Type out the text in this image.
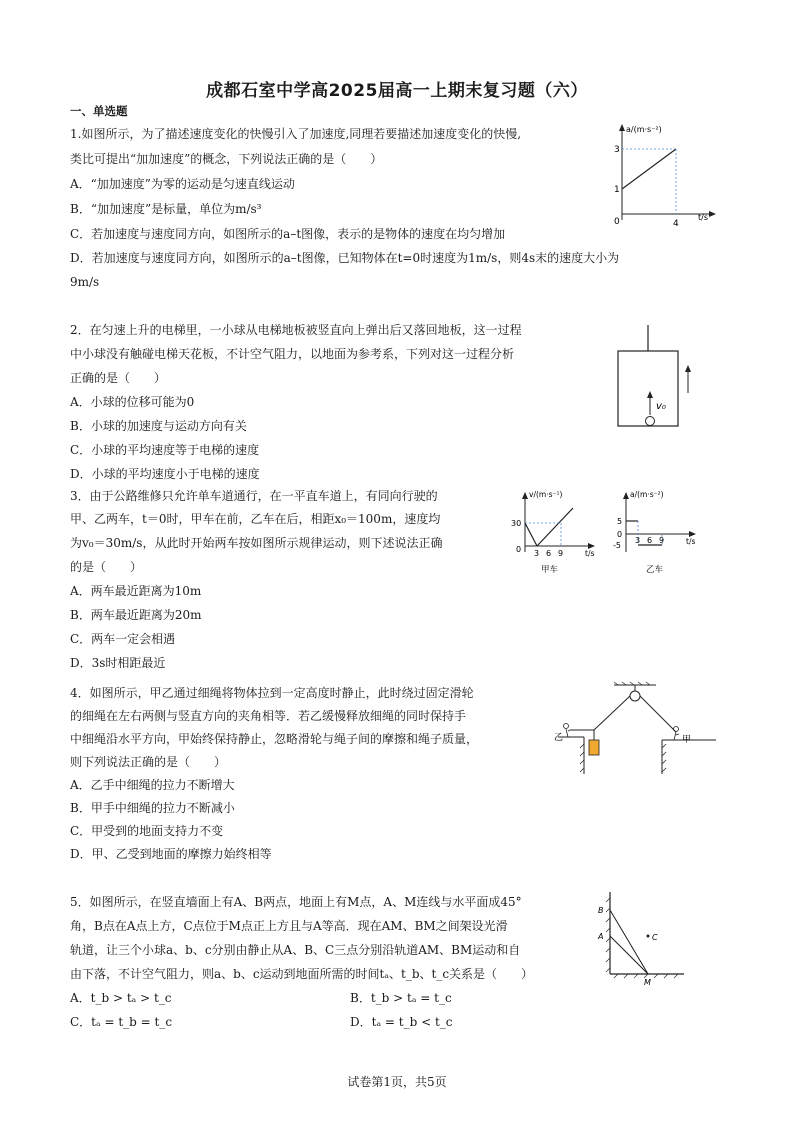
成都石室中学高2025届高一上期末复习题（六）
一、单选题
1.如图所示，为了描述速度变化的快慢引入了加速度,同理若要描述加速度变化的快慢,
类比可提出“加加速度”的概念，下列说法正确的是（　　）
A．“加加速度”为零的运动是匀速直线运动
B．“加加速度”是标量，单位为m/s³
C．若加速度与速度同方向，如图所示的a–t图像，表示的是物体的速度在均匀增加
D．若加速度与速度同方向，如图所示的a–t图像，已知物体在t=0时速度为1m/s，则4s末的速度大小为
9m/s
a/(m·s⁻²)
t/s
3
1
0	4
2．在匀速上升的电梯里，一小球从电梯地板被竖直向上弹出后又落回地板，这一过程
中小球没有触碰电梯天花板，不计空气阻力，以地面为参考系，下列对这一过程分析
正确的是（　　）
A．小球的位移可能为0
B．小球的加速度与运动方向有关
C．小球的平均速度等于电梯的速度
D．小球的平均速度小于电梯的速度
v₀
3．由于公路维修只允许单车道通行，在一平直车道上，有同向行驶的
甲、乙两车，t＝0时，甲车在前，乙车在后，相距x₀＝100m，速度均
为v₀＝30m/s，从此时开始两车按如图所示规律运动，则下述说法正确
的是（　　）
A．两车最近距离为10m
B．两车最近距离为20m
C．两车一定会相遇
D．3s时相距最近
v/(m·s⁻¹)
t/s
30
0 3 6 9
甲车
a/(m·s⁻²)
t/s
5
0
-5
3 6 9
乙车
4．如图所示，甲乙通过细绳将物体拉到一定高度时静止，此时绕过固定滑轮
的细绳在左右两侧与竖直方向的夹角相等．若乙缓慢释放细绳的同时保持手
中细绳沿水平方向，甲始终保持静止，忽略滑轮与绳子间的摩擦和绳子质量，
则下列说法正确的是（　　）
A．乙手中细绳的拉力不断增大
B．甲手中细绳的拉力不断减小
C．甲受到的地面支持力不变
D．甲、乙受到地面的摩擦力始终相等
乙	甲
5．如图所示，在竖直墙面上有A、B两点，地面上有M点，A、M连线与水平面成45°
角，B点在A点上方，C点位于M点正上方且与A等高．现在AM、BM之间架设光滑
轨道，让三个小球a、b、c分别由静止从A、B、C三点分别沿轨道AM、BM运动和自
由下落，不计空气阻力，则a、b、c运动到地面所需的时间tₐ、t_b、t_c关系是（　　）
A．t_b > tₐ > t_c	B．t_b > tₐ = t_c
C．tₐ = t_b = t_c	D．tₐ = t_b < t_c
B
A	C
M
试卷第1页，共5页
